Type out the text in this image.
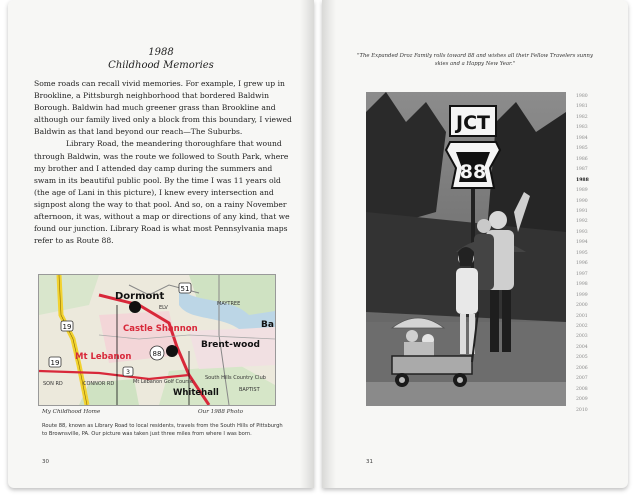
1988
Childhood Memories

Some roads can recall vivid memories. For example, I grew up in Brookline, a Pittsburgh neighborhood that bordered Baldwin Borough. Baldwin had much greener grass than Brookline and although our family lived only a block from this boundary, I viewed Baldwin as that land beyond our reach—The Suburbs.

Library Road, the meandering thoroughfare that wound through Baldwin, was the route we followed to South Park, where my brother and I attended day camp during the summers and swam in its beautiful public pool. By the time I was 11 years old (the age of Lani in this picture), I knew every intersection and signpost along the way to that pool. And so, on a rainy November afternoon, it was, without a map or directions of any kind, that we found our junction. Library Road is what most Pennsylvania maps refer to as Route 88.

19
88
19
51
3
Dormont
Castle Shannon
Mt Lebanon
Brent-wood
Whitehall
Mt Lebanon Golf Course
South Hills Country Club
Ba
SON RD	CONNOR RD
ELV
BAPTIST
MAYTREE
My Childhood Home	Our 1988 Photo
Route 88, known as Library Road to local residents, travels from the South Hills of Pittsburgh to Brownsville, PA. Our picture was taken just three miles from where I was born.
30
"The Expanded Droz Family rolls toward 88 and wishes all their Fellow Travelers sunny skies and a Happy New Year."
JCT
88
1980
1981
1982
1983
1984
1985
1986
1987
1988
1989
1990
1991
1992
1993
1994
1995
1996
1997
1998
1999
2000
2001
2002
2003
2004
2005
2006
2007
2008
2009
2010
31
